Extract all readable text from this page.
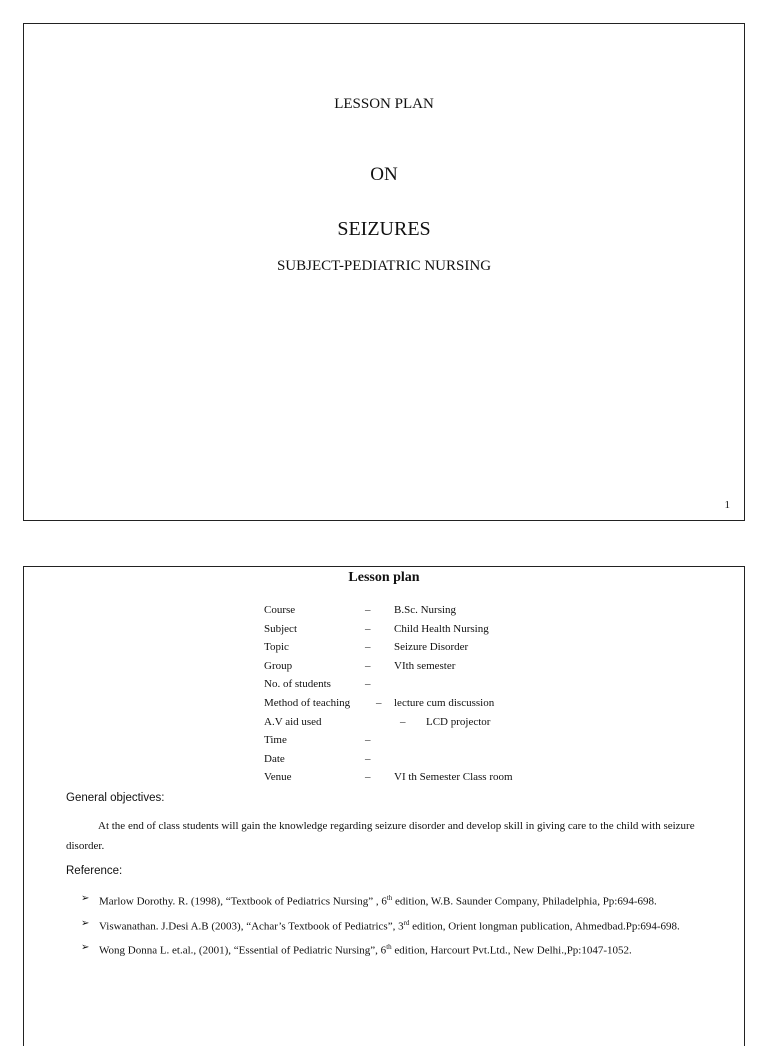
LESSON PLAN
ON
SEIZURES
SUBJECT-PEDIATRIC NURSING
1
Lesson plan
Course	– B.Sc. Nursing
Subject	– Child Health Nursing
Topic	– Seizure Disorder
Group	– VIth semester
No. of students	–
Method of teaching – lecture cum discussion
A.V aid used	– LCD projector
Time	–
Date	–
Venue	– VI th Semester Class room
General objectives:

At the end of class students will gain the knowledge regarding seizure disorder and develop skill in giving care to the child with seizure disorder.

Reference:
➢ Marlow Dorothy. R. (1998), “Textbook of Pediatrics Nursing” , 6th edition, W.B. Saunder Company, Philadelphia, Pp:694-698.
➢ Viswanathan. J.Desi A.B (2003), “Achar’s Textbook of Pediatrics”, 3rd edition, Orient longman publication, Ahmedbad.Pp:694-698.
➢ Wong Donna L. et.al., (2001), “Essential of Pediatric Nursing”, 6th edition, Harcourt Pvt.Ltd., New Delhi.,Pp:1047-1052.
